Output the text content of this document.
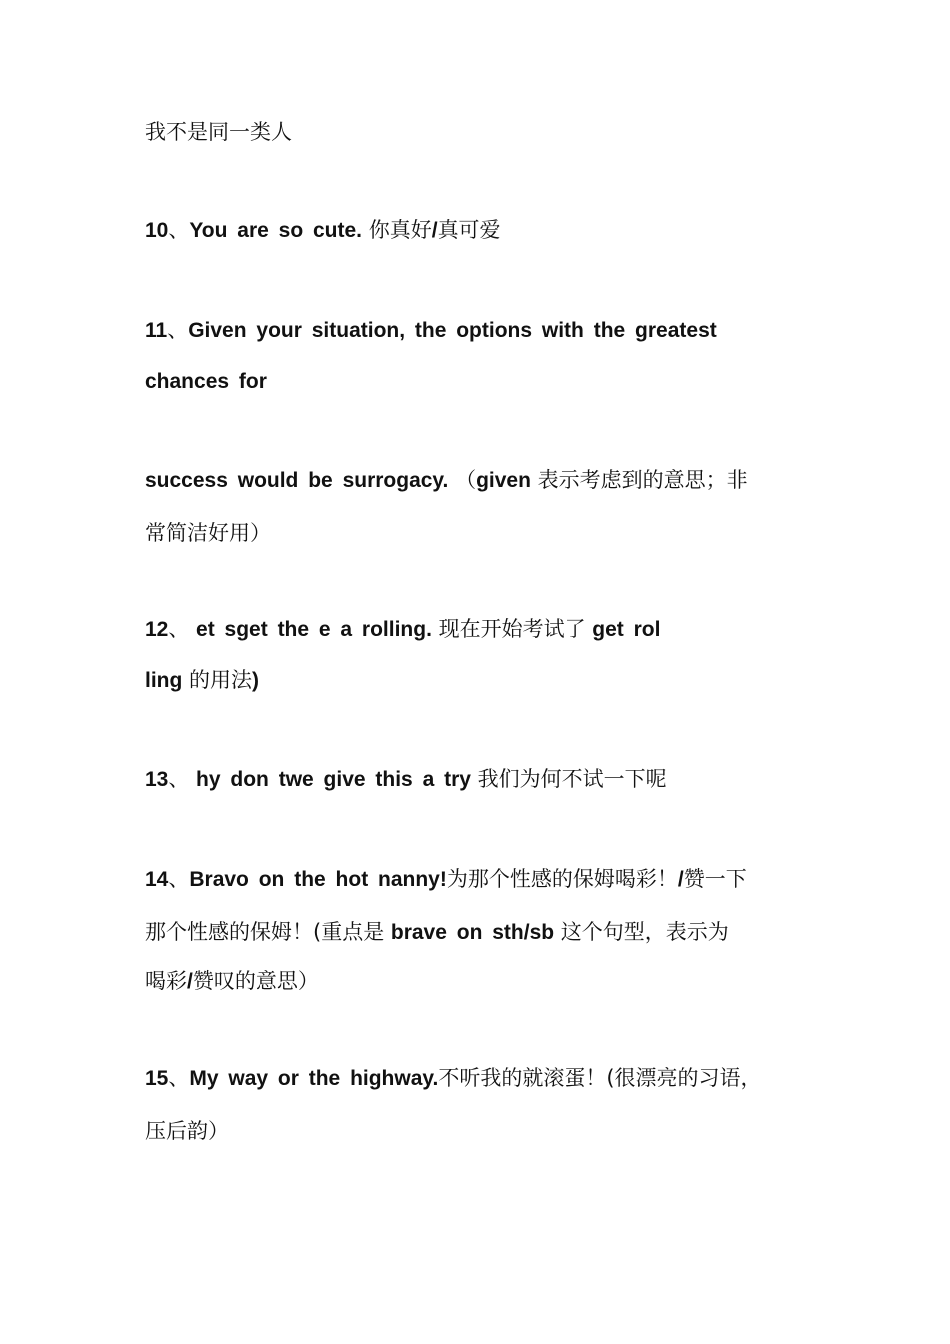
我不是同一类人
10、You are so cute. 你真好/真可爱
11、Given your situation, the options with the greatest
chances for
success would be surrogacy. （given 表示考虑到的意思；非
常简洁好用）
12、 et sget the e a rolling. 现在开始考试了 get rol
ling 的用法)
13、 hy don twe give this a try 我们为何不试一下呢
14、Bravo on the hot nanny!为那个性感的保姆喝彩！/赞一下
那个性感的保姆！(重点是 brave on sth/sb 这个句型，表示为
喝彩/赞叹的意思）
15、My way or the highway.不听我的就滚蛋！(很漂亮的习语，
压后韵）
